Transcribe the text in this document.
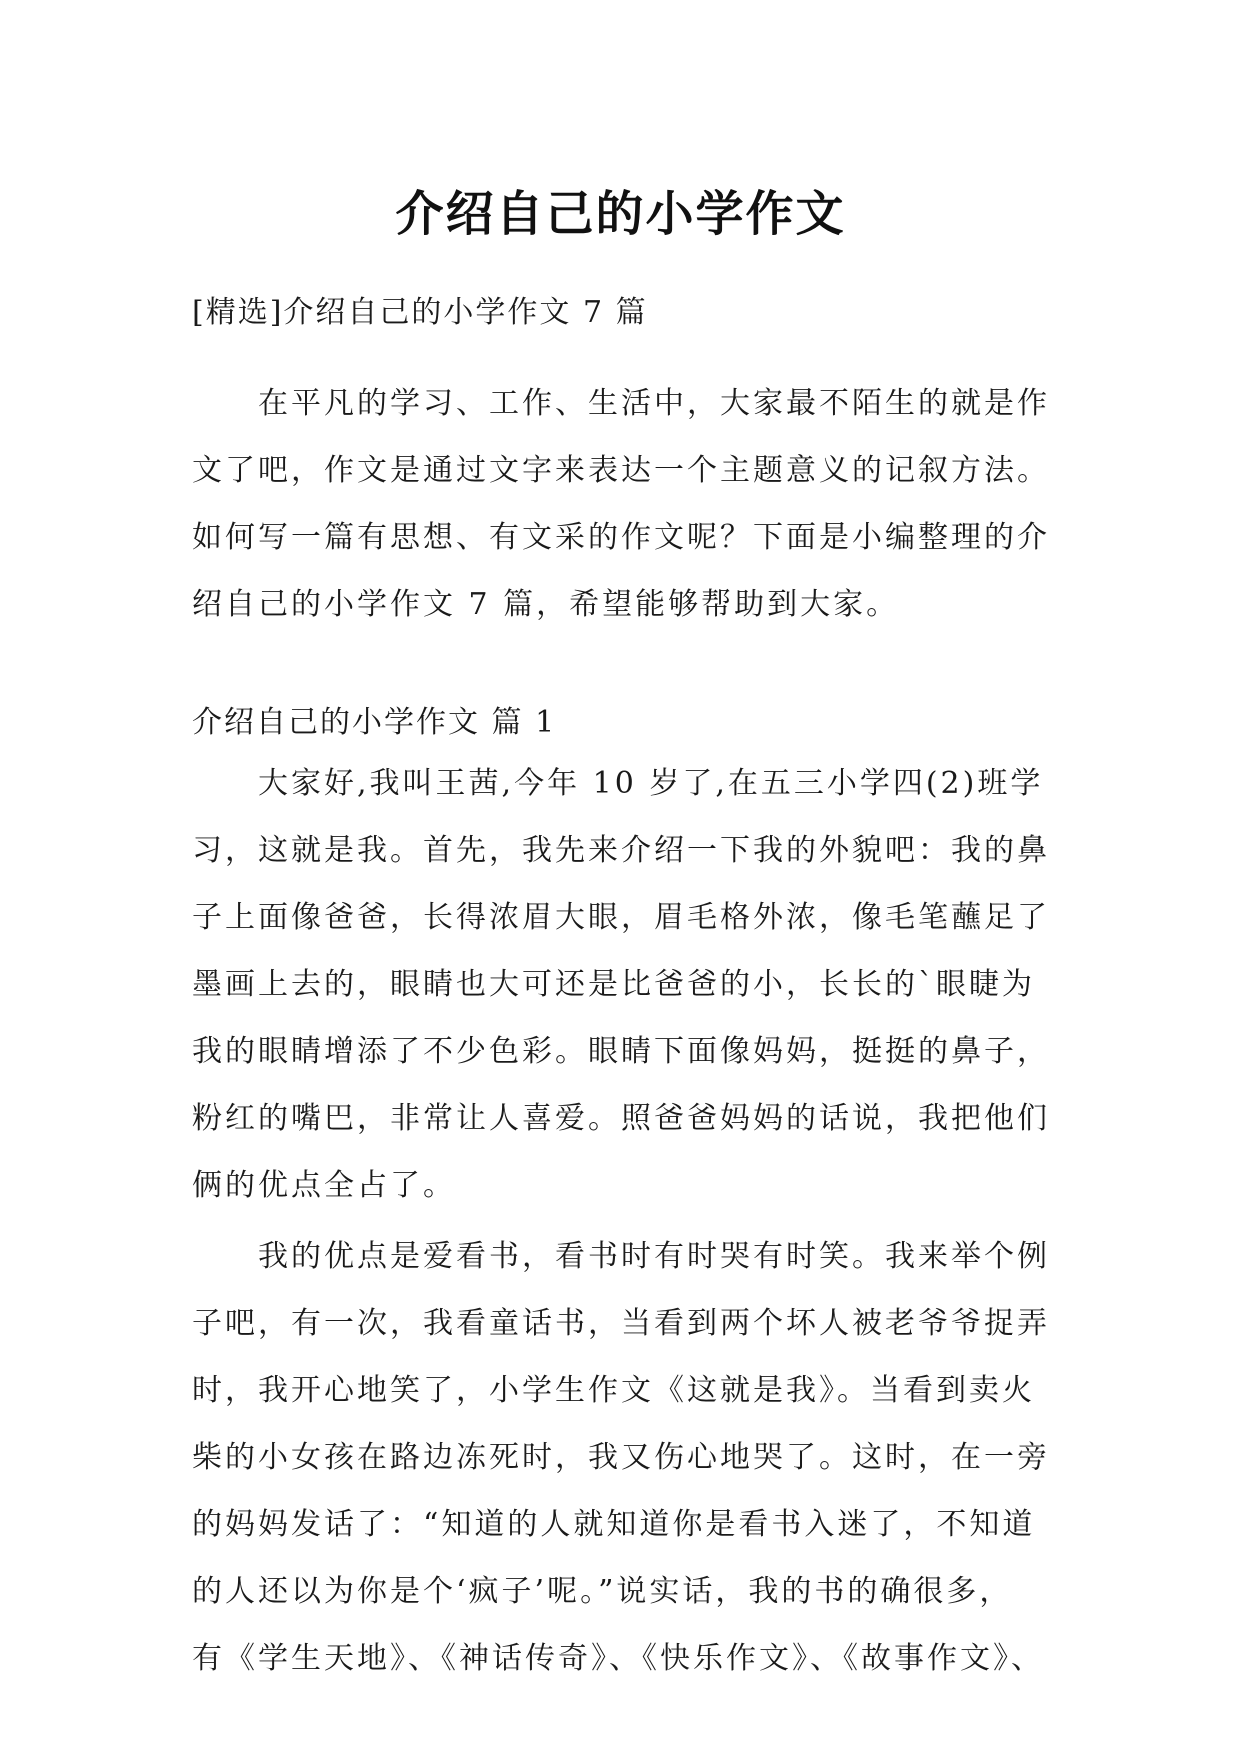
介绍自己的小学作文
[精选]介绍自己的小学作文 7 篇

在平凡的学习、工作、生活中，大家最不陌生的就是作
文了吧，作文是通过文字来表达一个主题意义的记叙方法。
如何写一篇有思想、有文采的作文呢？下面是小编整理的介
绍自己的小学作文 7 篇，希望能够帮助到大家。

介绍自己的小学作文 篇 1

大家好,我叫王茜,今年 10 岁了,在五三小学四(2)班学
习，这就是我。首先，我先来介绍一下我的外貌吧：我的鼻
子上面像爸爸，长得浓眉大眼，眉毛格外浓，像毛笔蘸足了
墨画上去的，眼睛也大可还是比爸爸的小，长长的`眼睫为
我的眼睛增添了不少色彩。眼睛下面像妈妈，挺挺的鼻子，
粉红的嘴巴，非常让人喜爱。照爸爸妈妈的话说，我把他们
俩的优点全占了。

我的优点是爱看书，看书时有时哭有时笑。我来举个例
子吧，有一次，我看童话书，当看到两个坏人被老爷爷捉弄
时，我开心地笑了，小学生作文《这就是我》。当看到卖火
柴的小女孩在路边冻死时，我又伤心地哭了。这时，在一旁
的妈妈发话了：“知道的人就知道你是看书入迷了，不知道
的人还以为你是个‘疯子’呢。”说实话，我的书的确很多，
有《学生天地》、《神话传奇》、《快乐作文》、《故事作文》、
